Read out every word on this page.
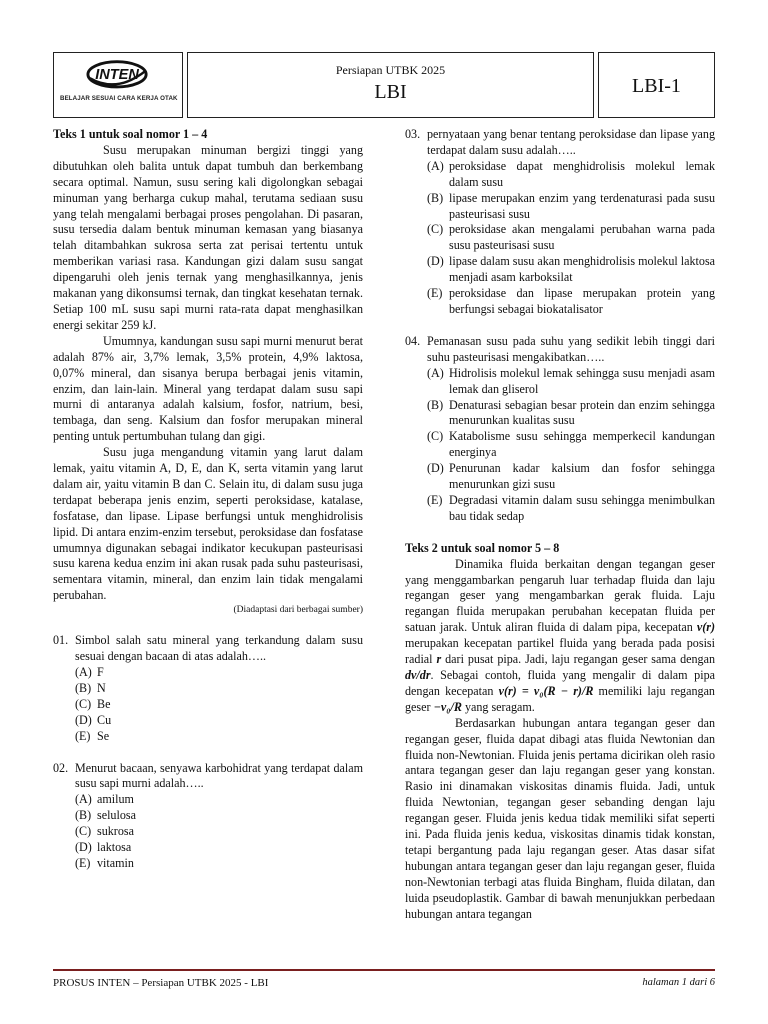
INTEN
BELAJAR SESUAI CARA KERJA OTAK
Persiapan UTBK 2025
LBI	LBI-1
Teks 1 untuk soal nomor 1 – 4

Susu merupakan minuman bergizi tinggi yang dibutuhkan oleh balita untuk dapat tumbuh dan berkembang secara optimal. Namun, susu sering kali digolongkan sebagai minuman yang berharga cukup mahal, terutama sediaan susu yang telah mengalami berbagai proses pengolahan. Di pasaran, susu tersedia dalam bentuk minuman kemasan yang biasanya telah ditambahkan sukrosa serta zat perisai tertentu untuk memberikan variasi rasa. Kandungan gizi dalam susu sangat dipengaruhi oleh jenis ternak yang menghasilkannya, jenis makanan yang dikonsumsi ternak, dan tingkat kesehatan ternak. Setiap 100 mL susu sapi murni rata-rata dapat menghasilkan energi sekitar 259 kJ.

Umumnya, kandungan susu sapi murni menurut berat adalah 87% air, 3,7% lemak, 3,5% protein, 4,9% laktosa, 0,07% mineral, dan sisanya berupa berbagai jenis vitamin, enzim, dan lain-lain. Mineral yang terdapat dalam susu sapi murni di antaranya adalah kalsium, fosfor, natrium, besi, tembaga, dan seng. Kalsium dan fosfor merupakan mineral penting untuk pertumbuhan tulang dan gigi.

Susu juga mengandung vitamin yang larut dalam lemak, yaitu vitamin A, D, E, dan K, serta vitamin yang larut dalam air, yaitu vitamin B dan C. Selain itu, di dalam susu juga terdapat beberapa jenis enzim, seperti peroksidase, katalase, fosfatase, dan lipase. Lipase berfungsi untuk menghidrolisis lipid. Di antara enzim-enzim tersebut, peroksidase dan fosfatase umumnya digunakan sebagai indikator kecukupan pasteurisasi susu karena kedua enzim ini akan rusak pada suhu pasteurisasi, sementara vitamin, mineral, dan enzim lain tidak mengalami perubahan.

(Diadaptasi dari berbagai sumber)
01. Simbol salah satu mineral yang terkandung dalam susu sesuai dengan bacaan di atas adalah…..
(A) F
(B) N
(C) Be
(D) Cu
(E) Se
02. Menurut bacaan, senyawa karbohidrat yang terdapat dalam susu sapi murni adalah…..
(A) amilum
(B) selulosa
(C) sukrosa
(D) laktosa
(E) vitamin
03. pernyataan yang benar tentang peroksidase dan lipase yang terdapat dalam susu adalah…..
(A) peroksidase dapat menghidrolisis molekul lemak dalam susu
(B) lipase merupakan enzim yang terdenaturasi pada susu pasteurisasi susu
(C) peroksidase akan mengalami perubahan warna pada susu pasteurisasi susu
(D) lipase dalam susu akan menghidrolisis molekul laktosa menjadi asam karboksilat
(E) peroksidase dan lipase merupakan protein yang berfungsi sebagai biokatalisator
04. Pemanasan susu pada suhu yang sedikit lebih tinggi dari suhu pasteurisasi mengakibatkan…..
(A) Hidrolisis molekul lemak sehingga susu menjadi asam lemak dan gliserol
(B) Denaturasi sebagian besar protein dan enzim sehingga menurunkan kualitas susu
(C) Katabolisme susu sehingga memperkecil kandungan energinya
(D) Penurunan kadar kalsium dan fosfor sehingga menurunkan gizi susu
(E) Degradasi vitamin dalam susu sehingga menimbulkan bau tidak sedap
Teks 2 untuk soal nomor 5 – 8

Dinamika fluida berkaitan dengan tegangan geser yang menggambarkan pengaruh luar terhadap fluida dan laju regangan geser yang mengambarkan gerak fluida. Laju regangan fluida merupakan perubahan kecepatan fluida per satuan jarak. Untuk aliran fluida di dalam pipa, kecepatan v(r) merupakan kecepatan partikel fluida yang berada pada posisi radial r dari pusat pipa. Jadi, laju regangan geser sama dengan dv/dr. Sebagai contoh, fluida yang mengalir di dalam pipa dengan kecepatan v(r) = v₀(R − r)/R memiliki laju regangan geser −v₀/R yang seragam.

Berdasarkan hubungan antara tegangan geser dan regangan geser, fluida dapat dibagi atas fluida Newtonian dan fluida non-Newtonian. Fluida jenis pertama dicirikan oleh rasio antara tegangan geser dan laju regangan geser yang konstan. Rasio ini dinamakan viskositas dinamis fluida. Jadi, untuk fluida Newtonian, tegangan geser sebanding dengan laju regangan geser. Fluida jenis kedua tidak memiliki sifat seperti ini. Pada fluida jenis kedua, viskositas dinamis tidak konstan, tetapi bergantung pada laju regangan geser. Atas dasar sifat hubungan antara tegangan geser dan laju regangan geser, fluida non-Newtonian terbagi atas fluida Bingham, fluida dilatan, dan luida pseudoplastik. Gambar di bawah menunjukkan perbedaan hubungan antara tegangan

PROSUS INTEN – Persiapan UTBK 2025 - LBI	halaman 1 dari 6
